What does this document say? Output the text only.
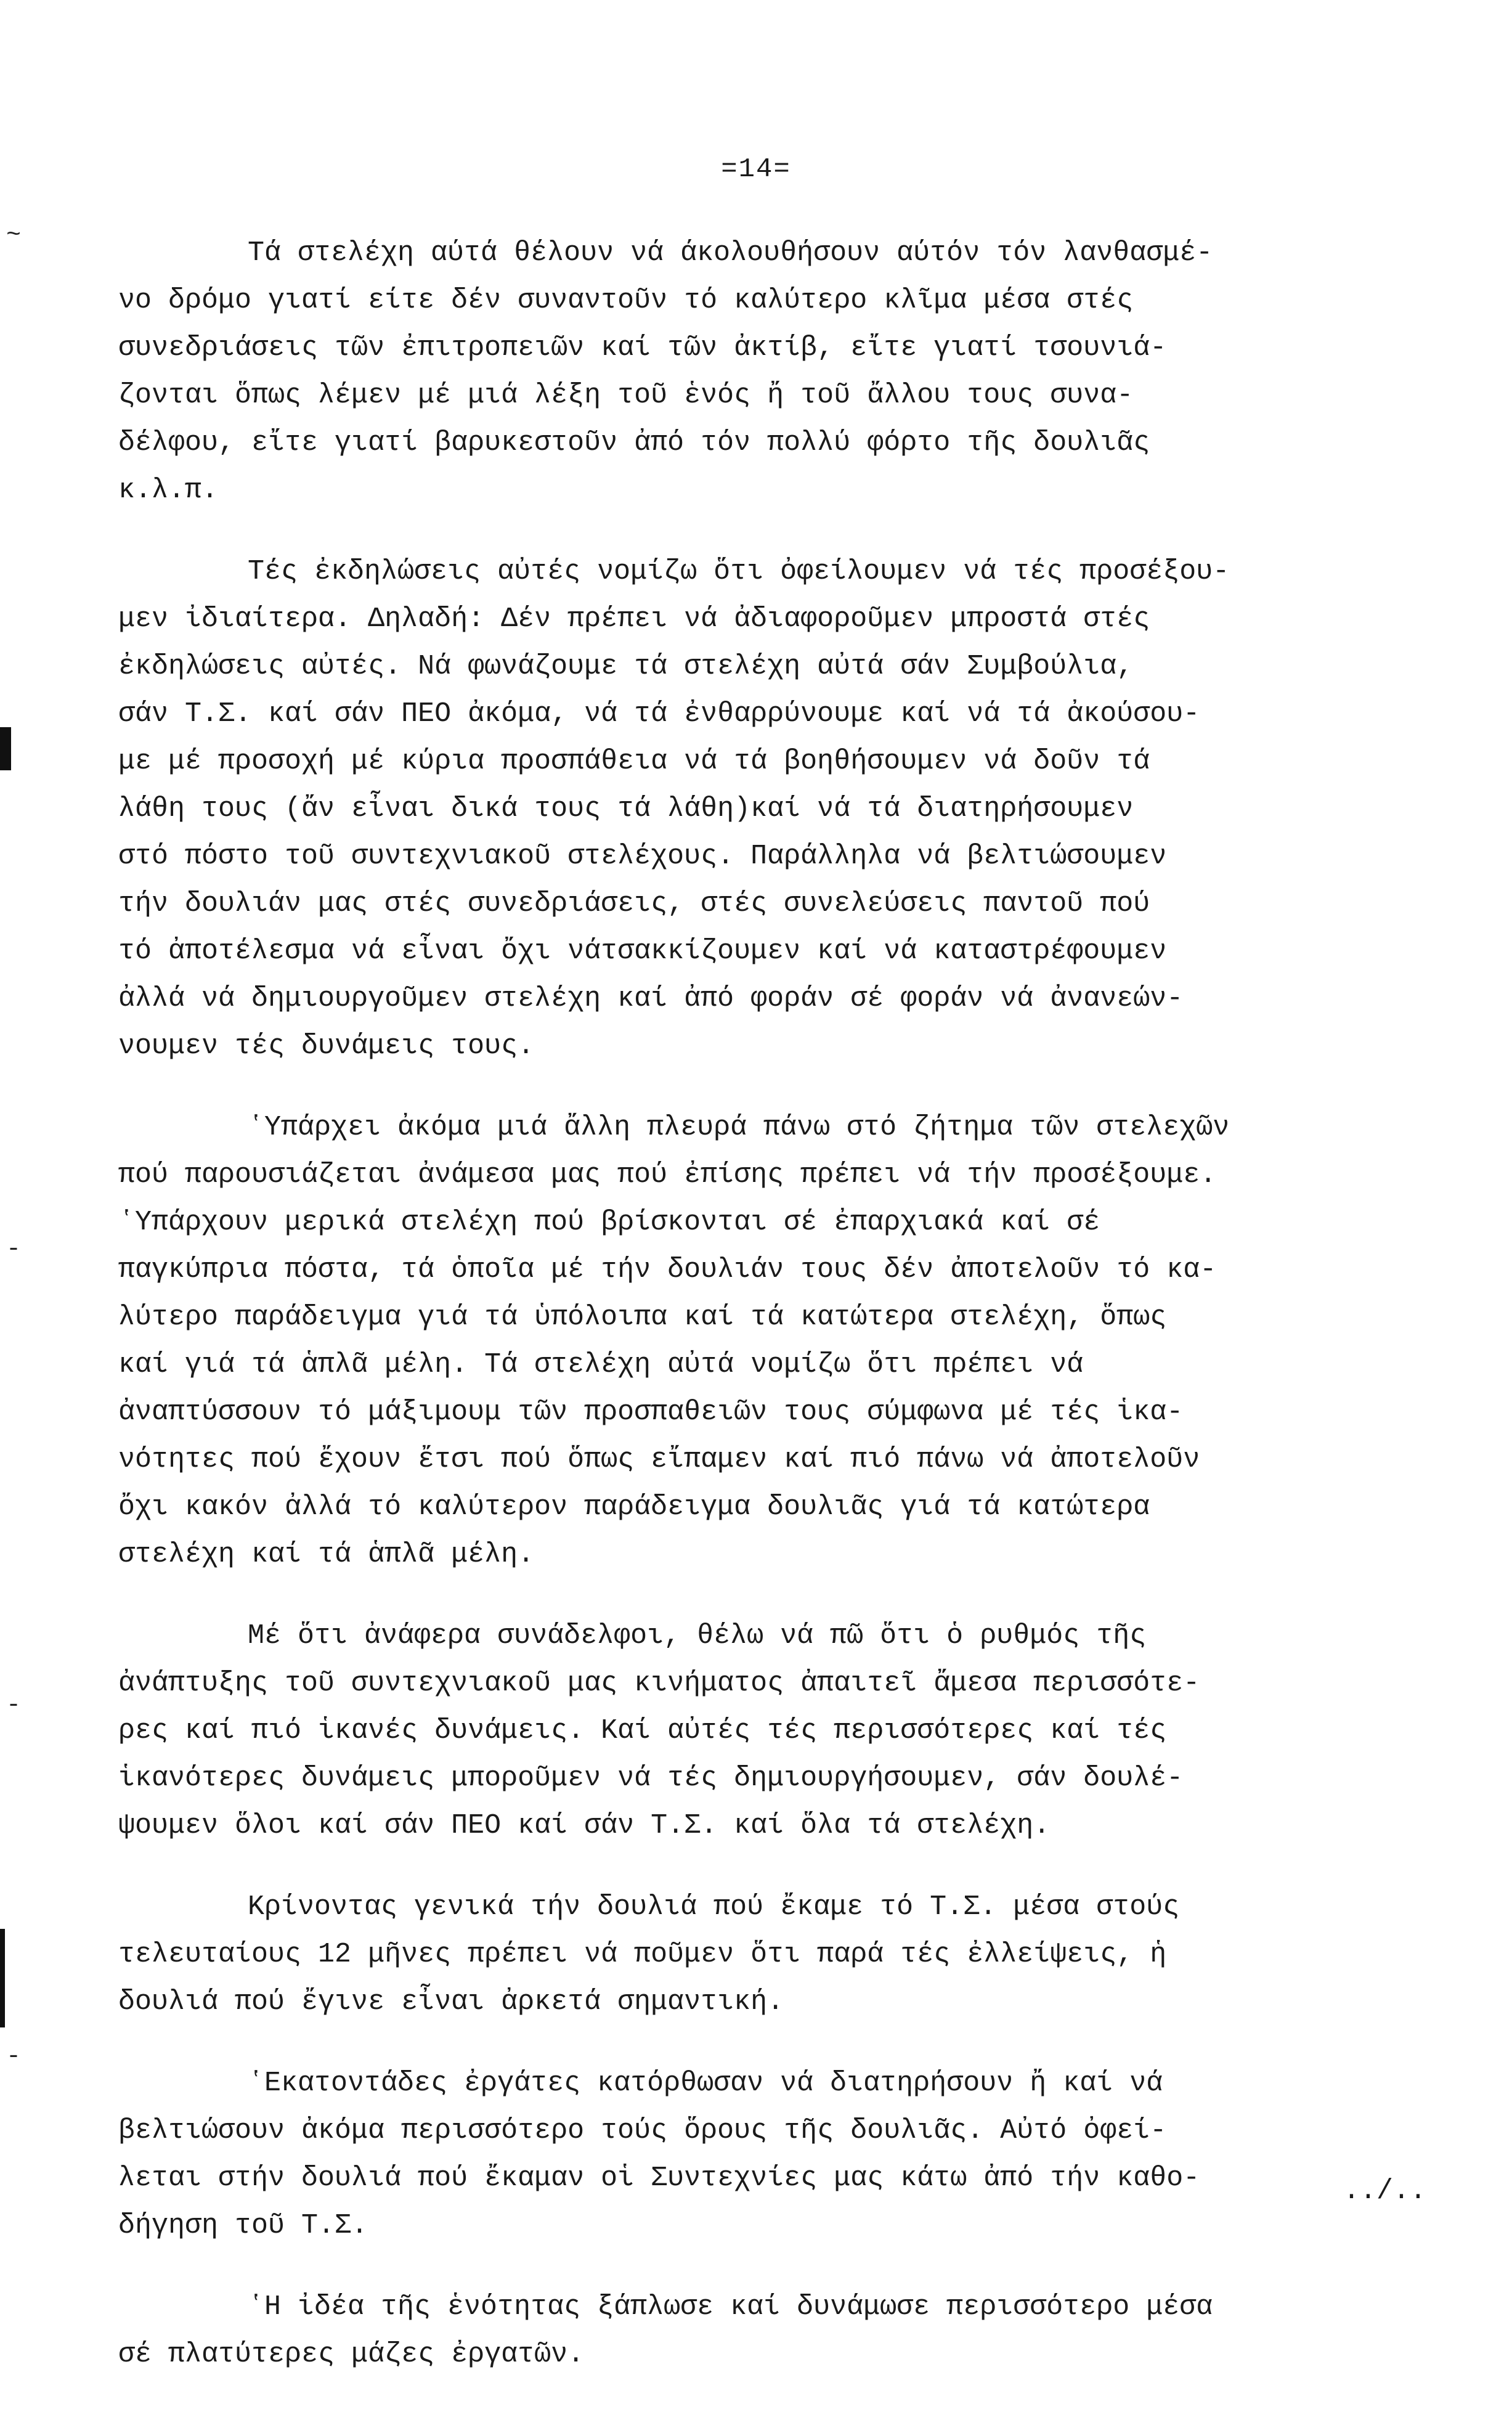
~
-
-
-
=14=
Τά στελέχη αύτά θέλουν νά άκολουθήσουν αύτόν τόν λανθασμέ-
νο δρόμο γιατί είτε δέν συναντοῦν τό καλύτερο κλῖμα μέσα στές
συνεδριάσεις τῶν ἐπιτροπειῶν καί τῶν ἀκτίβ, εἴτε γιατί τσουνιά-
ζονται ὅπως λέμεν μέ μιά λέξη τοῦ ἑνός ἤ τοῦ ἄλλου τους συνα-
δέλφου, εἴτε γιατί βαρυκεστοῦν ἀπό τόν πολλύ φόρτο τῆς δουλιᾶς
κ.λ.π.
Τές ἐκδηλώσεις αὐτές νομίζω ὅτι ὀφείλουμεν νά τές προσέξου-
μεν ἰδιαίτερα. Δηλαδή: Δέν πρέπει νά ἀδιαφοροῦμεν μπροστά στές
ἐκδηλώσεις αὐτές. Νά φωνάζουμε τά στελέχη αὐτά σάν Συμβούλια,
σάν Τ.Σ. καί σάν ΠΕΟ ἀκόμα, νά τά ἐνθαρρύνουμε καί νά τά ἀκούσου-
με μέ προσοχή μέ κύρια προσπάθεια νά τά βοηθήσουμεν νά δοῦν τά
λάθη τους (ἄν εἶναι δικά τους τά λάθη)καί νά τά διατηρήσουμεν
στό πόστο τοῦ συντεχνιακοῦ στελέχους. Παράλληλα νά βελτιώσουμεν
τήν δουλιάν μας στές συνεδριάσεις, στές συνελεύσεις παντοῦ πού
τό ἀποτέλεσμα νά εἶναι ὄχι νάτσακκίζουμεν καί νά καταστρέφουμεν
ἀλλά νά δημιουργοῦμεν στελέχη καί ἀπό φοράν σέ φοράν νά ἀνανεών-
νουμεν τές δυνάμεις τους.
ʽΥπάρχει ἀκόμα μιά ἄλλη πλευρά πάνω στό ζήτημα τῶν στελεχῶν
πού παρουσιάζεται ἀνάμεσα μας πού ἐπίσης πρέπει νά τήν προσέξουμε.
ʽΥπάρχουν μερικά στελέχη πού βρίσκονται σέ ἐπαρχιακά καί σέ
παγκύπρια πόστα, τά ὁποῖα μέ τήν δουλιάν τους δέν ἀποτελοῦν τό κα-
λύτερο παράδειγμα γιά τά ὑπόλοιπα καί τά κατώτερα στελέχη, ὅπως
καί γιά τά ἁπλᾶ μέλη. Τά στελέχη αὐτά νομίζω ὅτι πρέπει νά
ἀναπτύσσουν τό μάξιμουμ τῶν προσπαθειῶν τους σύμφωνα μέ τές ἱκα-
νότητες πού ἔχουν ἔτσι πού ὅπως εἴπαμεν καί πιό πάνω νά ἀποτελοῦν
ὄχι κακόν ἀλλά τό καλύτερον παράδειγμα δουλιᾶς γιά τά κατώτερα
στελέχη καί τά ἁπλᾶ μέλη.
Μέ ὅτι ἀνάφερα συνάδελφοι, θέλω νά πῶ ὅτι ὁ ρυθμός τῆς
ἀνάπτυξης τοῦ συντεχνιακοῦ μας κινήματος ἀπαιτεῖ ἄμεσα περισσότε-
ρες καί πιό ἱκανές δυνάμεις. Καί αὐτές τές περισσότερες καί τές
ἱκανότερες δυνάμεις μποροῦμεν νά τές δημιουργήσουμεν, σάν δουλέ-
ψουμεν ὅλοι καί σάν ΠΕΟ καί σάν Τ.Σ. καί ὅλα τά στελέχη.
Κρίνοντας γενικά τήν δουλιά πού ἔκαμε τό Τ.Σ. μέσα στούς
τελευταίους 12 μῆνες πρέπει νά ποῦμεν ὅτι παρά τές ἐλλείψεις, ἡ
δουλιά πού ἔγινε εἶναι ἀρκετά σημαντική.
ʽΕκατοντάδες ἐργάτες κατόρθωσαν νά διατηρήσουν ἤ καί νά
βελτιώσουν ἀκόμα περισσότερο τούς ὅρους τῆς δουλιᾶς. Αὐτό ὀφεί-
λεται στήν δουλιά πού ἔκαμαν οἱ Συντεχνίες μας κάτω ἀπό τήν καθο-
δήγηση τοῦ Τ.Σ.
ʽΗ ἰδέα τῆς ἑνότητας ξάπλωσε καί δυνάμωσε περισσότερο μέσα
σέ πλατύτερες μάζες ἐργατῶν.
../..
